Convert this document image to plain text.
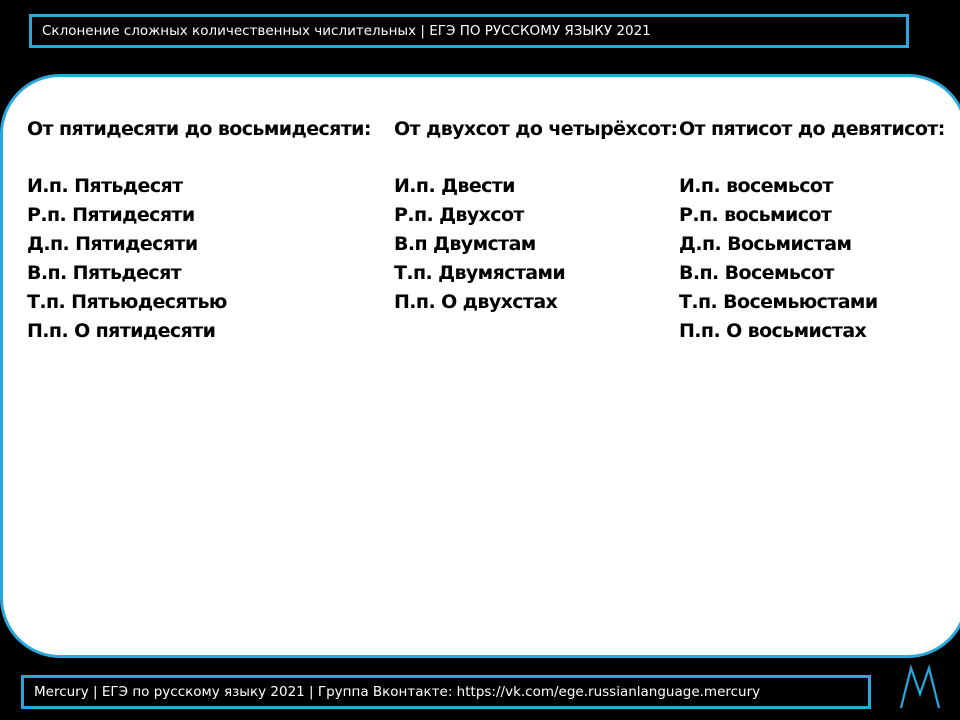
Склонение сложных количественных числительных | ЕГЭ ПО РУССКОМУ ЯЗЫКУ 2021
От пятидесяти до восьмидесяти:
И.п. Пятьдесят
Р.п. Пятидесяти
Д.п. Пятидесяти
В.п. Пятьдесят
Т.п. Пятьюдесятью
П.п. О пятидесяти
От двухсот до четырёхсот:
И.п. Двести
Р.п. Двухсот
В.п Двумстам
Т.п. Двумястами
П.п. О двухстах
От пятисот до девятисот:
И.п. восемьсот
Р.п. восьмисот
Д.п. Восьмистам
В.п. Восемьсот
Т.п. Восемьюстами
П.п. О восьмистах
Mercury | ЕГЭ по русскому языку 2021 | Группа Вконтакте: https://vk.com/ege.russianlanguage.mercury
